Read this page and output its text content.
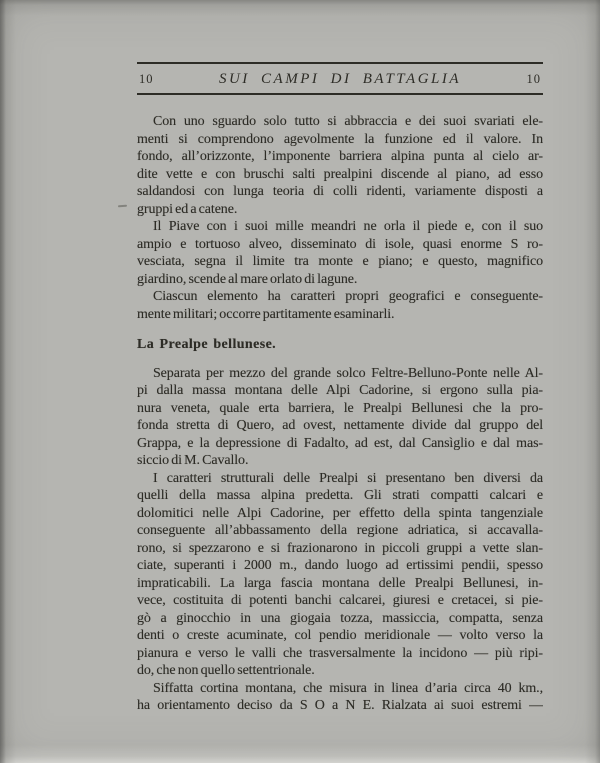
10	SUI CAMPI DI BATTAGLIA	10
Con uno sguardo solo tutto si abbraccia e dei suoi svariati ele-
menti si comprendono agevolmente la funzione ed il valore. In
fondo, all’orizzonte, l’imponente barriera alpina punta al cielo ar-
dite vette e con bruschi salti prealpini discende al piano, ad esso
saldandosi con lunga teoria di colli ridenti, variamente disposti a
gruppi ed a catene.
Il Piave con i suoi mille meandri ne orla il piede e, con il suo
ampio e tortuoso alveo, disseminato di isole, quasi enorme S ro-
vesciata, segna il limite tra monte e piano; e questo, magnifico
giardino, scende al mare orlato di lagune.
Ciascun elemento ha caratteri propri geografici e conseguente-
mente militari; occorre partitamente esaminarli.
La Prealpe bellunese.
Separata per mezzo del grande solco Feltre-Belluno-Ponte nelle Al-
pi dalla massa montana delle Alpi Cadorine, si ergono sulla pia-
nura veneta, quale erta barriera, le Prealpi Bellunesi che la pro-
fonda stretta di Quero, ad ovest, nettamente divide dal gruppo del
Grappa, e la depressione di Fadalto, ad est, dal Cansìglio e dal mas-
siccio di M. Cavallo.
I caratteri strutturali delle Prealpi si presentano ben diversi da
quelli della massa alpina predetta. Gli strati compatti calcari e
dolomitici nelle Alpi Cadorine, per effetto della spinta tangenziale
conseguente all’abbassamento della regione adriatica, si accavalla-
rono, si spezzarono e si frazionarono in piccoli gruppi a vette slan-
ciate, superanti i 2000 m., dando luogo ad ertissimi pendii, spesso
impraticabili. La larga fascia montana delle Prealpi Bellunesi, in-
vece, costituita di potenti banchi calcarei, giuresi e cretacei, si pie-
gò a ginocchio in una giogaia tozza, massiccia, compatta, senza
denti o creste acuminate, col pendio meridionale — volto verso la
pianura e verso le valli che trasversalmente la incidono — più ripi-
do, che non quello settentrionale.
Siffatta cortina montana, che misura in linea d’aria circa 40 km.,
ha orientamento deciso da S O a N E. Rialzata ai suoi estremi —
